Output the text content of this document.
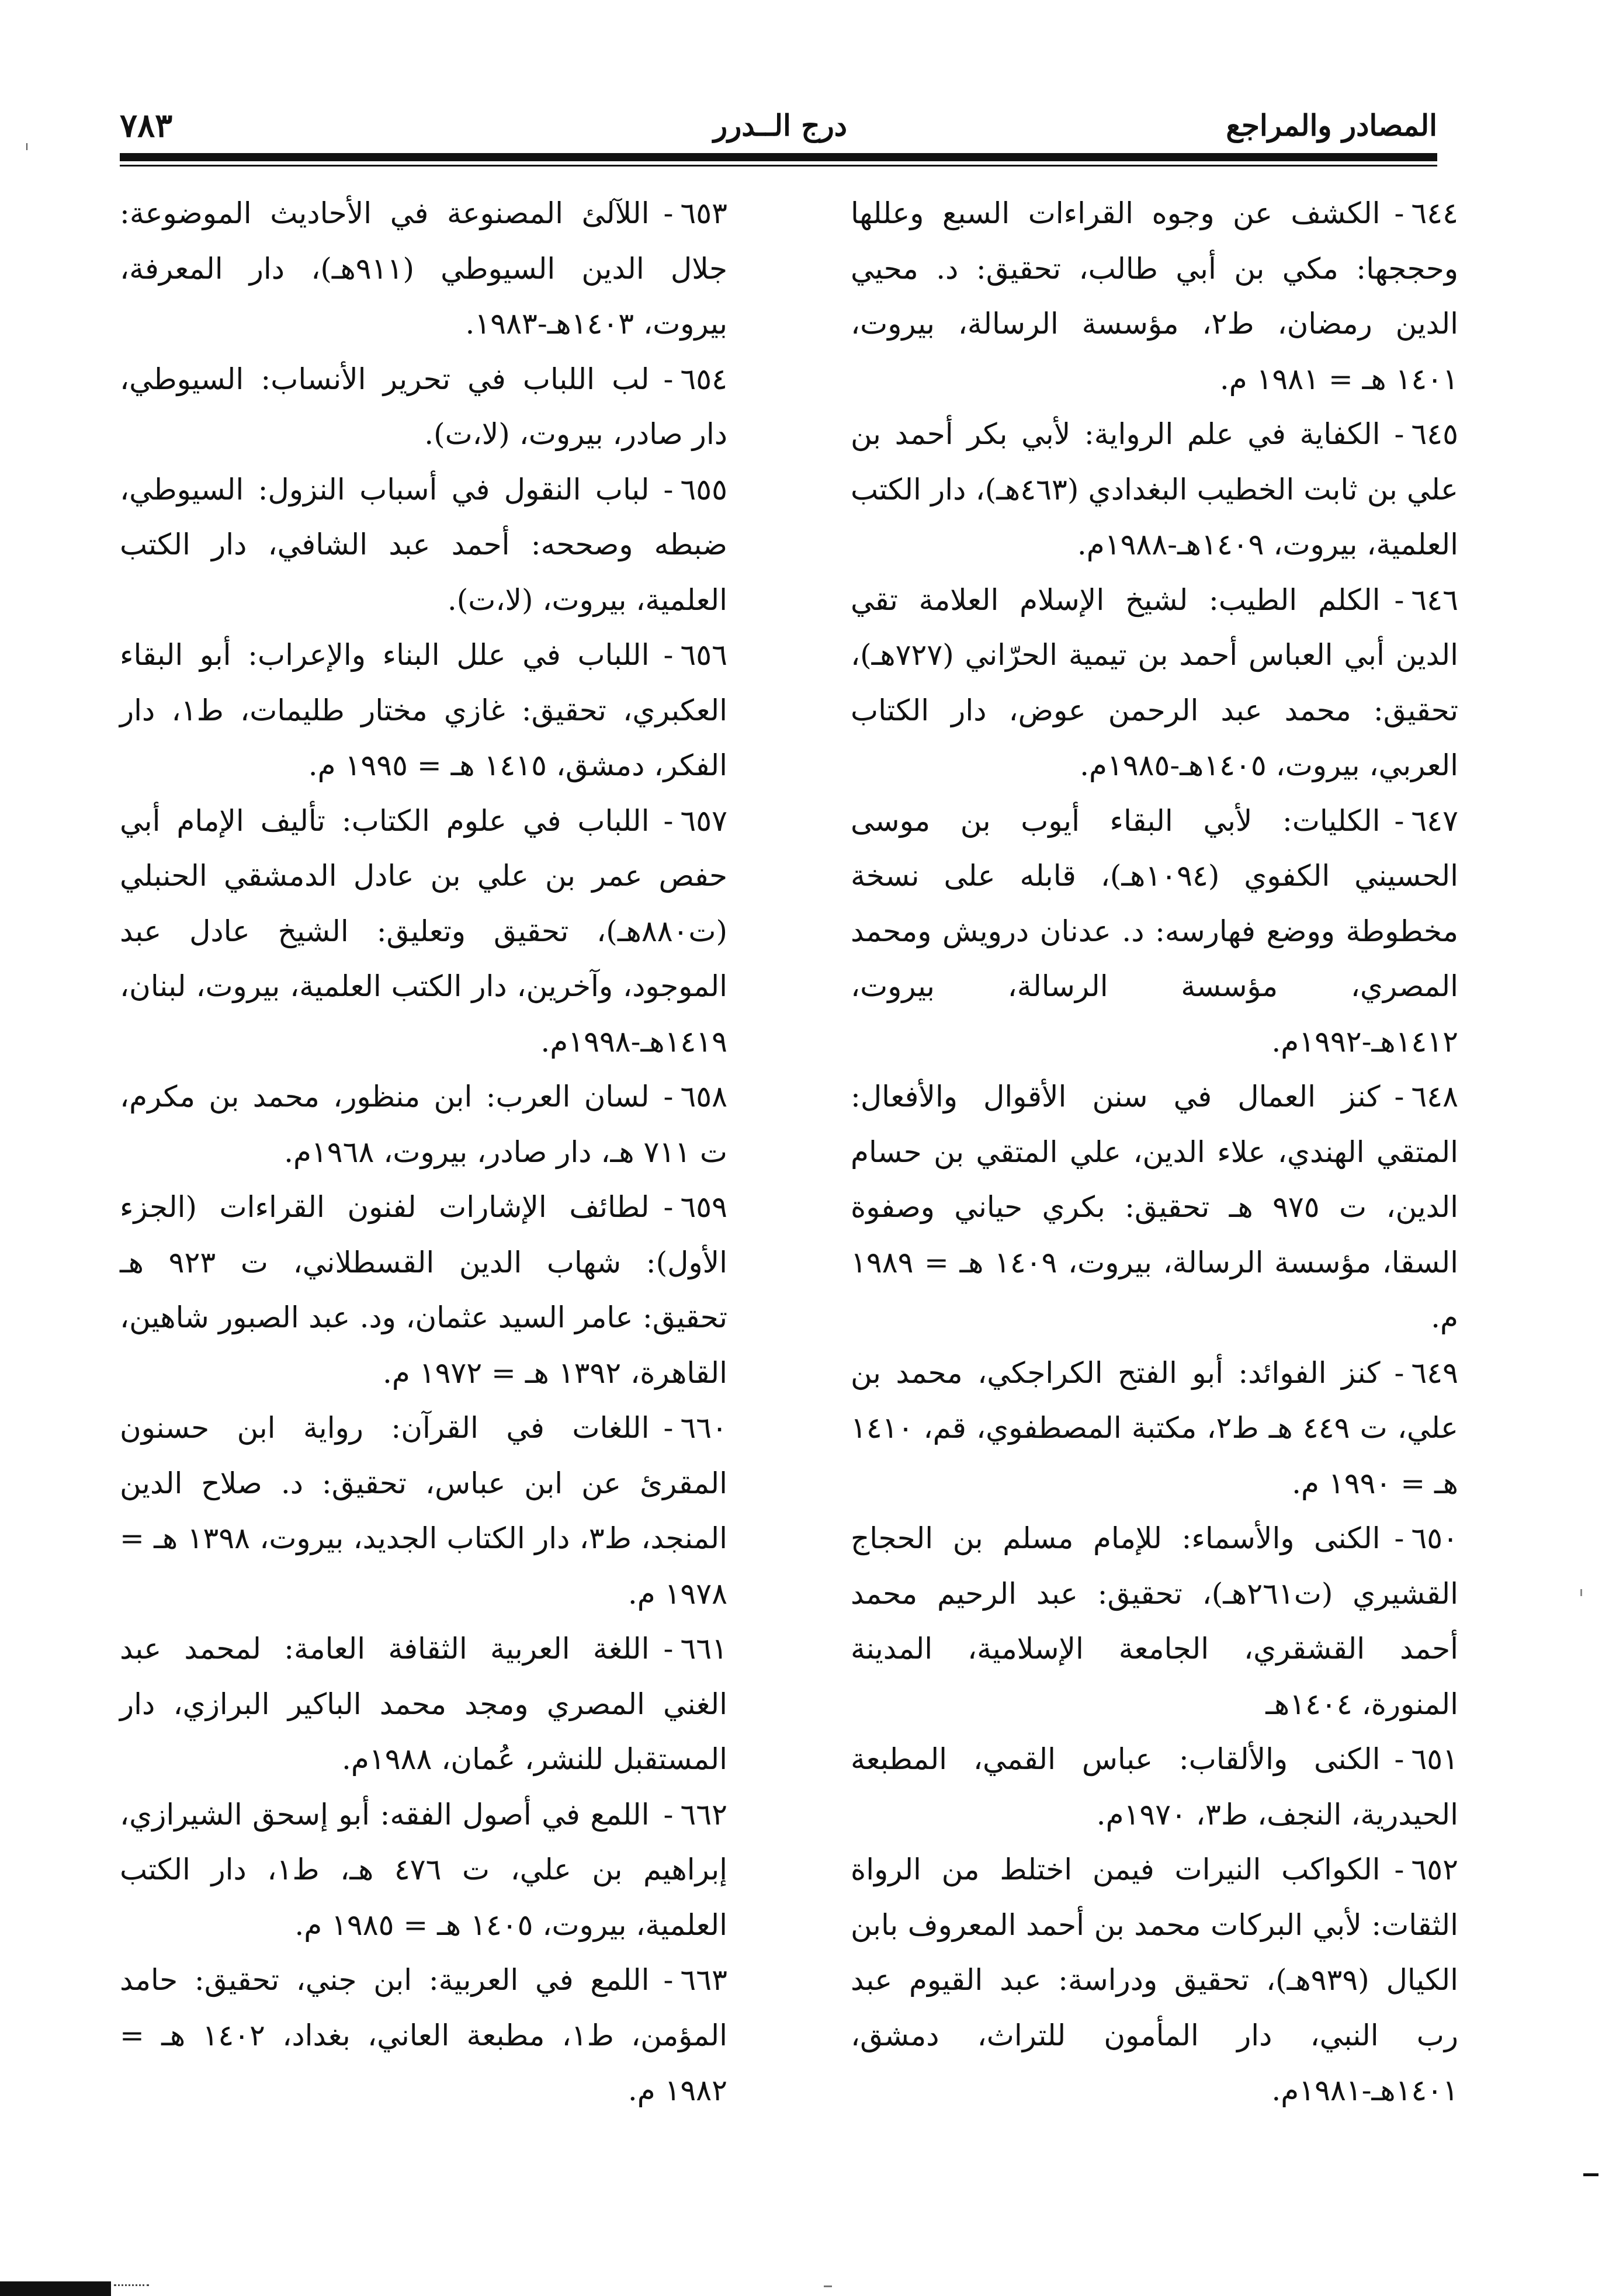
المصادر والمراجع
درج الــدرر
٧٨٣

٦٤٤-الكشف عن وجوه القراءات السبع وعللها وحججها: مكي بن أبي طالب، تحقيق: د. محيي الدين رمضان، ط٢، مؤسسة الرسالة، بيروت، ١٤٠١ هـ = ١٩٨١ م.

٦٤٥-الكفاية في علم الرواية: لأبي بكر أحمد بن علي بن ثابت الخطيب البغدادي (٤٦٣هـ)، دار الكتب العلمية، بيروت، ١٤٠٩هـ-١٩٨٨م.

٦٤٦-الكلم الطيب: لشيخ الإسلام العلامة تقي الدين أبي العباس أحمد بن تيمية الحرّاني (٧٢٧هـ)، تحقيق: محمد عبد الرحمن عوض، دار الكتاب العربي، بيروت، ١٤٠٥هـ-١٩٨٥م.

٦٤٧-الكليات: لأبي البقاء أيوب بن موسى الحسيني الكفوي (١٠٩٤هـ)، قابله على نسخة مخطوطة ووضع فهارسه: د. عدنان درويش ومحمد المصري، مؤسسة الرسالة، بيروت، ١٤١٢هـ-١٩٩٢م.

٦٤٨-كنز العمال في سنن الأقوال والأفعال: المتقي الهندي، علاء الدين، علي المتقي بن حسام الدين، ت ٩٧٥ هـ تحقيق: بكري حياني وصفوة السقا، مؤسسة الرسالة، بيروت، ١٤٠٩ هـ = ١٩٨٩ م.

٦٤٩-كنز الفوائد: أبو الفتح الكراجكي، محمد بن علي، ت ٤٤٩ هـ ط٢، مكتبة المصطفوي، قم، ١٤١٠ هـ = ١٩٩٠ م.

٦٥٠-الكنى والأسماء: للإمام مسلم بن الحجاج القشيري (ت٢٦١هـ)، تحقيق: عبد الرحيم محمد أحمد القشقري، الجامعة الإسلامية، المدينة المنورة، ١٤٠٤هـ

٦٥١-الكنى والألقاب: عباس القمي، المطبعة الحيدرية، النجف، ط٣، ١٩٧٠م.

٦٥٢-الكواكب النيرات فيمن اختلط من الرواة الثقات: لأبي البركات محمد بن أحمد المعروف بابن الكيال (٩٣٩هـ)، تحقيق ودراسة: عبد القيوم عبد رب النبي، دار المأمون للتراث، دمشق، ١٤٠١هـ-١٩٨١م.

٦٥٣-اللآلئ المصنوعة في الأحاديث الموضوعة: جلال الدين السيوطي (٩١١هـ)، دار المعرفة، بيروت، ١٤٠٣هـ-١٩٨٣.

٦٥٤-لب اللباب في تحرير الأنساب: السيوطي، دار صادر، بيروت، (لا،ت).

٦٥٥-لباب النقول في أسباب النزول: السيوطي، ضبطه وصححه: أحمد عبد الشافي، دار الكتب العلمية، بيروت، (لا،ت).

٦٥٦-اللباب في علل البناء والإعراب: أبو البقاء العكبري، تحقيق: غازي مختار طليمات، ط١، دار الفكر، دمشق، ١٤١٥ هـ = ١٩٩٥ م.

٦٥٧-اللباب في علوم الكتاب: تأليف الإمام أبي حفص عمر بن علي بن عادل الدمشقي الحنبلي (ت٨٨٠هـ)، تحقيق وتعليق: الشيخ عادل عبد الموجود، وآخرين، دار الكتب العلمية، بيروت، لبنان، ١٤١٩هـ-١٩٩٨م.

٦٥٨-لسان العرب: ابن منظور، محمد بن مكرم، ت ٧١١ هـ، دار صادر، بيروت، ١٩٦٨م.

٦٥٩-لطائف الإشارات لفنون القراءات (الجزء الأول): شهاب الدين القسطلاني، ت ٩٢٣ هـ تحقيق: عامر السيد عثمان، ود. عبد الصبور شاهين، القاهرة، ١٣٩٢ هـ = ١٩٧٢ م.

٦٦٠-اللغات في القرآن: رواية ابن حسنون المقرئ عن ابن عباس، تحقيق: د. صلاح الدين المنجد، ط٣، دار الكتاب الجديد، بيروت، ١٣٩٨ هـ = ١٩٧٨ م.

٦٦١-اللغة العربية الثقافة العامة: لمحمد عبد الغني المصري ومجد محمد الباكير البرازي، دار المستقبل للنشر، عُمان، ١٩٨٨م.

٦٦٢-اللمع في أصول الفقه: أبو إسحق الشيرازي، إبراهيم بن علي، ت ٤٧٦ هـ، ط١، دار الكتب العلمية، بيروت، ١٤٠٥ هـ = ١٩٨٥ م.

٦٦٣-اللمع في العربية: ابن جني، تحقيق: حامد المؤمن، ط١، مطبعة العاني، بغداد، ١٤٠٢ هـ = ١٩٨٢ م.
